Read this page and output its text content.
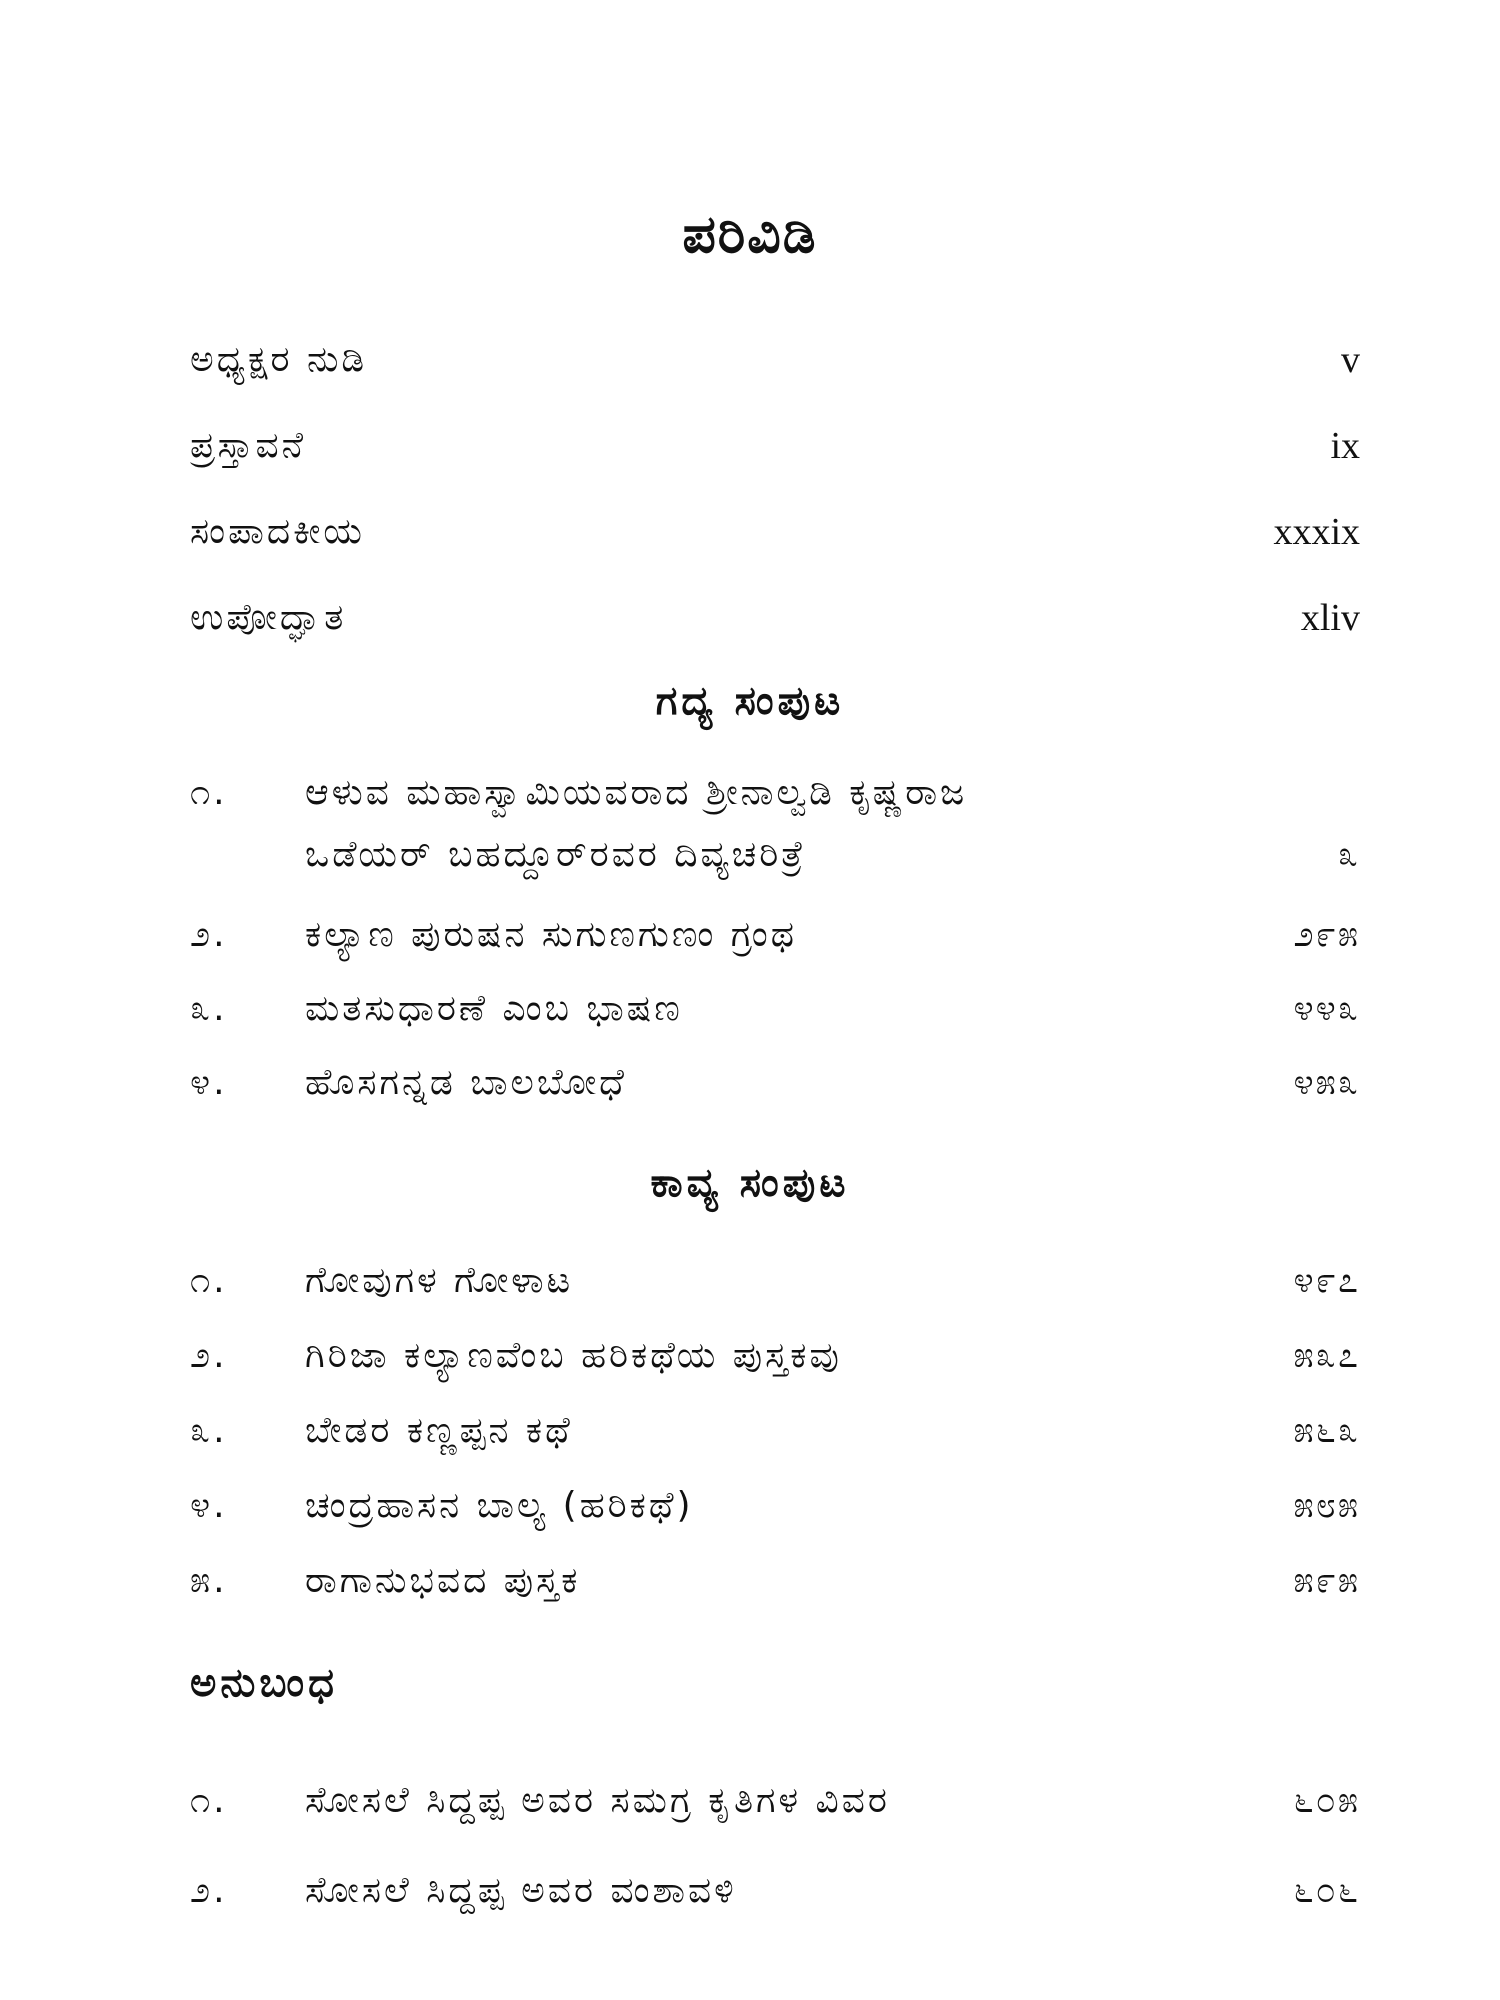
ಪರಿವಿಡಿ
ಅಧ್ಯಕ್ಷರ ನುಡಿ	v
ಪ್ರಸ್ತಾವನೆ	ix
ಸಂಪಾದಕೀಯ	xxxix
ಉಪೋದ್ಘಾತ	xliv
ಗದ್ಯ ಸಂಪುಟ
೧. ಆಳುವ ಮಹಾಸ್ವಾಮಿಯವರಾದ ಶ್ರೀನಾಲ್ವಡಿ ಕೃಷ್ಣರಾಜ
ಒಡೆಯರ್ ಬಹದ್ದೂರ್‌ರವರ ದಿವ್ಯಚರಿತ್ರೆ	೩
೨. ಕಲ್ಯಾಣ ಪುರುಷನ ಸುಗುಣಗುಣಂ ಗ್ರಂಥ	೨೯೫
೩. ಮತಸುಧಾರಣೆ ಎಂಬ ಭಾಷಣ	೪೪೩
೪. ಹೊಸಗನ್ನಡ ಬಾಲಬೋಧೆ	೪೫೩
ಕಾವ್ಯ ಸಂಪುಟ
೧. ಗೋವುಗಳ ಗೋಳಾಟ	೪೯೭
೨. ಗಿರಿಜಾ ಕಲ್ಯಾಣವೆಂಬ ಹರಿಕಥೆಯ ಪುಸ್ತಕವು	೫೩೭
೩. ಬೇಡರ ಕಣ್ಣಪ್ಪನ ಕಥೆ	೫೬೩
೪. ಚಂದ್ರಹಾಸನ ಬಾಲ್ಯ (ಹರಿಕಥೆ)	೫೮೫
೫. ರಾಗಾನುಭವದ ಪುಸ್ತಕ	೫೯೫
ಅನುಬಂಧ
೧. ಸೋಸಲೆ ಸಿದ್ದಪ್ಪ ಅವರ ಸಮಗ್ರ ಕೃತಿಗಳ ವಿವರ	೬೦೫
೨. ಸೋಸಲೆ ಸಿದ್ದಪ್ಪ ಅವರ ವಂಶಾವಳಿ	೬೦೬
